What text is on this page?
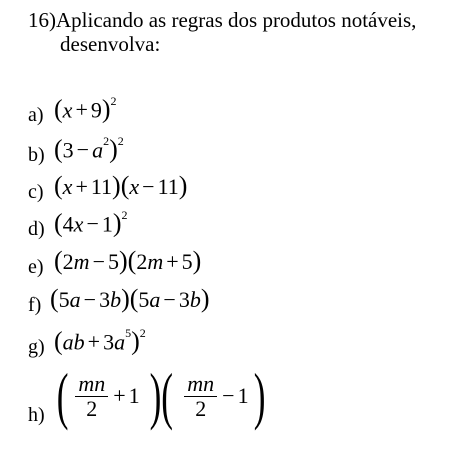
16)Aplicando as regras dos produtos notáveis,
desenvolva:
a) $(x + 9)^2$
b) $(3 - a^2)^2$
c) (x + 11)(x − 11)
d) $(4x - 1)^2$
e) (2m − 5)(2m + 5)
f) (5a − 3b)(5a − 3b)
g) $(ab + 3a^5)^2$
h) ( $\frac{mn}{2} + 1$ )( $\frac{mn}{2} - 1$ )
